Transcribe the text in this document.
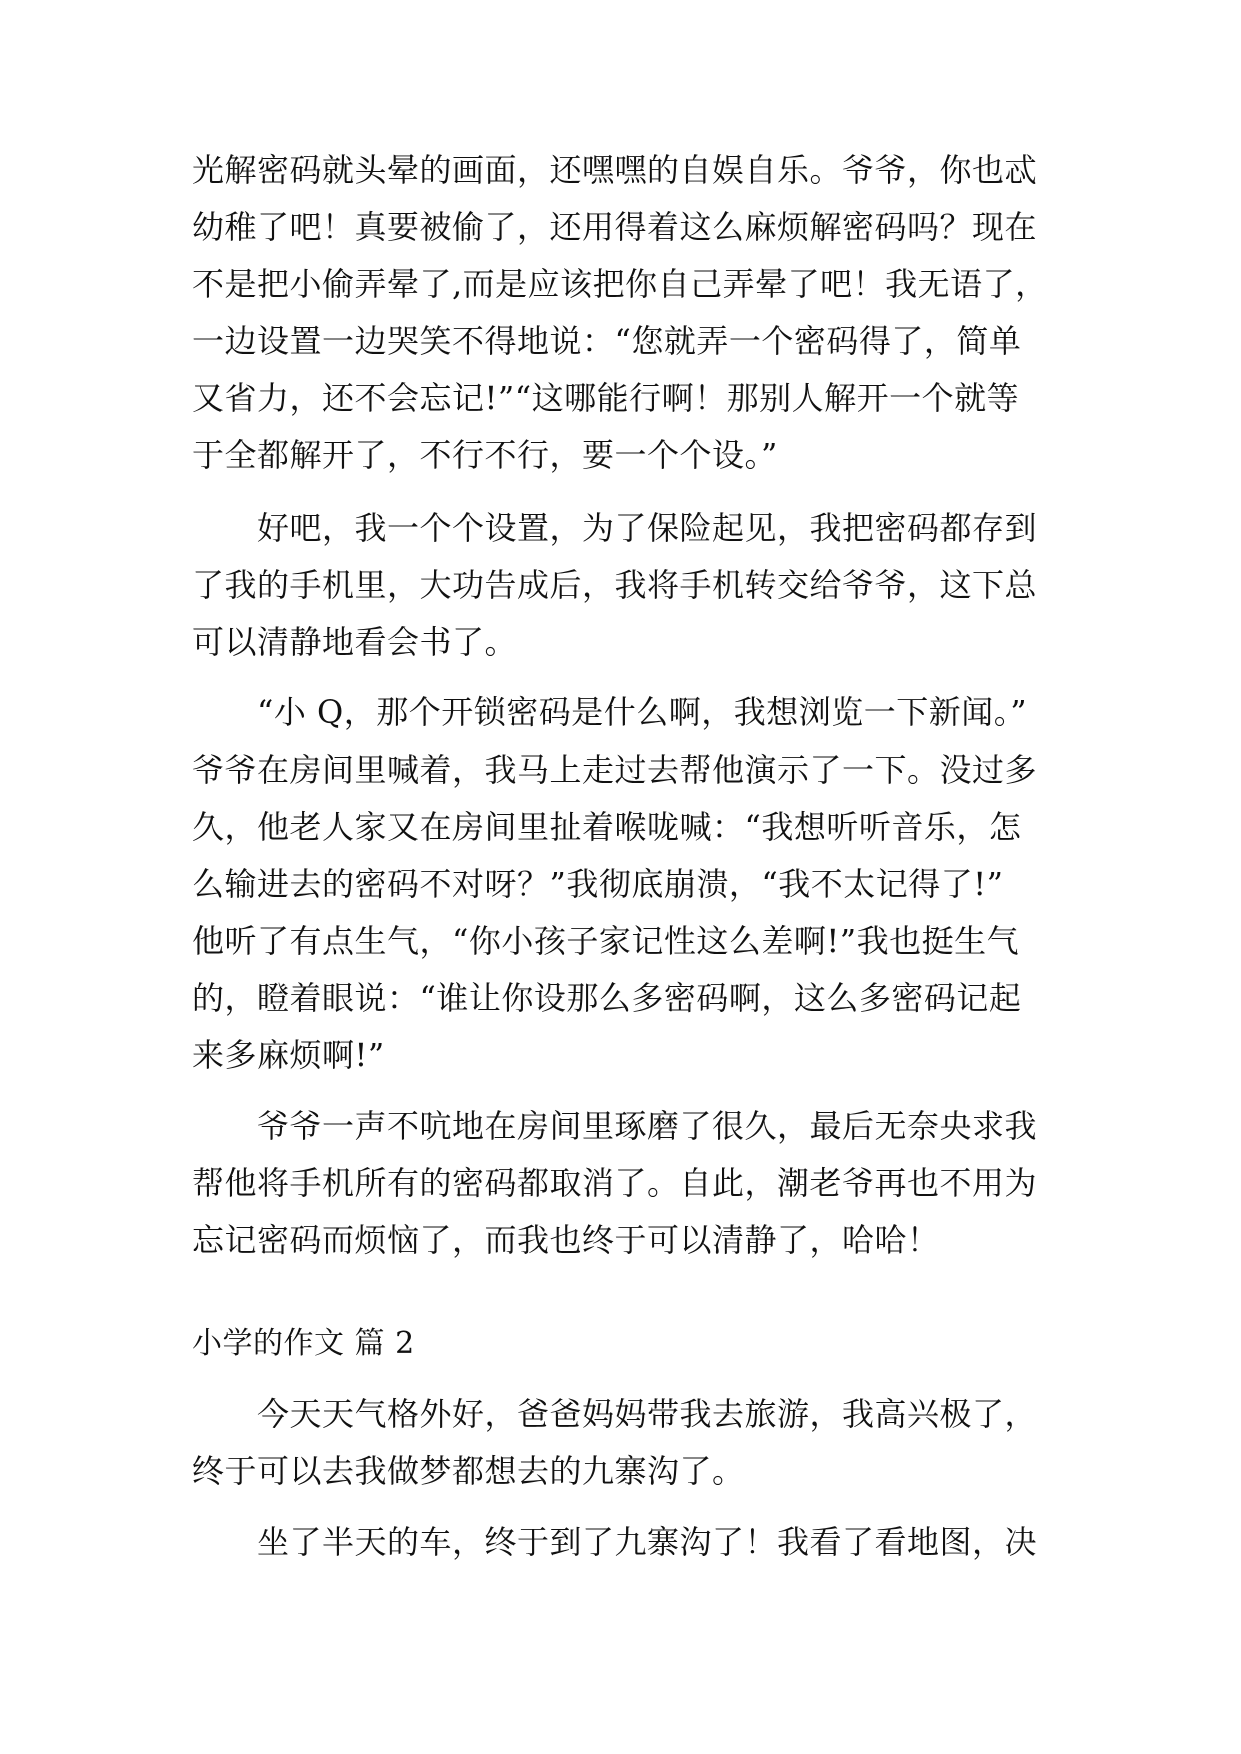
光解密码就头晕的画面，还嘿嘿的自娱自乐。爷爷，你也忒
幼稚了吧！真要被偷了，还用得着这么麻烦解密码吗？现在
不是把小偷弄晕了,而是应该把你自己弄晕了吧！我无语了，
一边设置一边哭笑不得地说：“您就弄一个密码得了，简单
又省力，还不会忘记!”“这哪能行啊！那别人解开一个就等
于全都解开了，不行不行，要一个个设。”
　　好吧，我一个个设置，为了保险起见，我把密码都存到
了我的手机里，大功告成后，我将手机转交给爷爷，这下总
可以清静地看会书了。
　　“小 Q，那个开锁密码是什么啊，我想浏览一下新闻。”
爷爷在房间里喊着，我马上走过去帮他演示了一下。没过多
久，他老人家又在房间里扯着喉咙喊：“我想听听音乐，怎
么输进去的密码不对呀？”我彻底崩溃，“我不太记得了!”
他听了有点生气，“你小孩子家记性这么差啊!”我也挺生气
的，瞪着眼说：“谁让你设那么多密码啊，这么多密码记起
来多麻烦啊!”
　　爷爷一声不吭地在房间里琢磨了很久，最后无奈央求我
帮他将手机所有的密码都取消了。自此，潮老爷再也不用为
忘记密码而烦恼了，而我也终于可以清静了，哈哈！
小学的作文 篇 2
　　今天天气格外好，爸爸妈妈带我去旅游，我高兴极了，
终于可以去我做梦都想去的九寨沟了。
　　坐了半天的车，终于到了九寨沟了！我看了看地图，决
